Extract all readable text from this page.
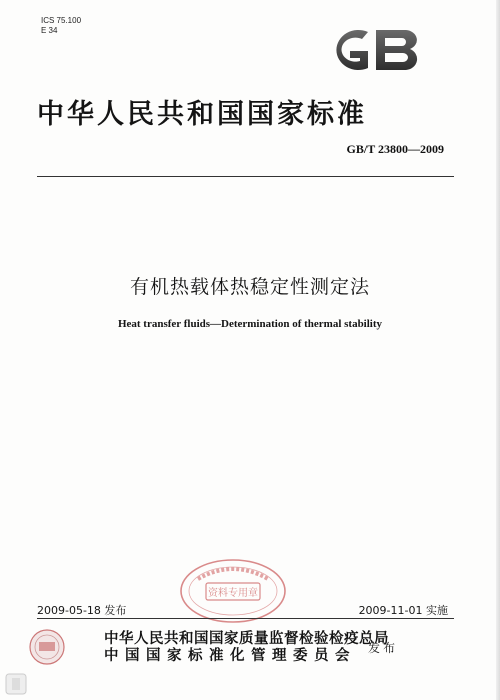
ICS 75.100
E 34
GB
中华人民共和国国家标准
GB/T 23800—2009
有机热载体热稳定性测定法
Heat transfer fluids—Determination of thermal stability
资料专用章
2009-05-18 发布	2009-11-01 实施
中华人民共和国国家质量监督检验检疫总局
中国国家标准化管理委员会	发布
